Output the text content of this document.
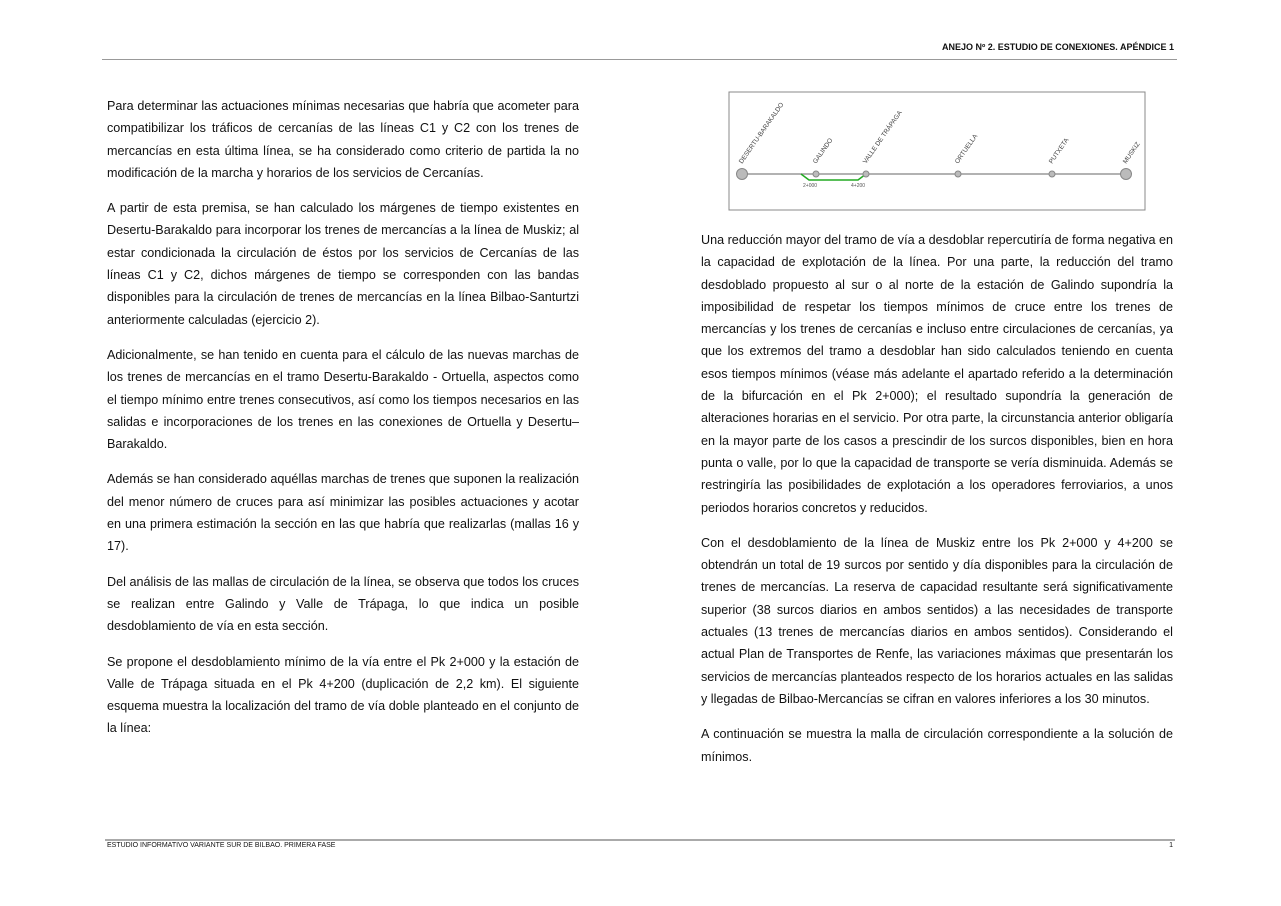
ANEJO Nº 2. ESTUDIO DE CONEXIONES. APÉNDICE 1

Para determinar las actuaciones mínimas necesarias que habría que acometer para compatibilizar los tráficos de cercanías de las líneas C1 y C2 con los trenes de mercancías en esta última línea, se ha considerado como criterio de partida la no modificación de la marcha y horarios de los servicios de Cercanías.

A partir de esta premisa, se han calculado los márgenes de tiempo existentes en Desertu-Barakaldo para incorporar los trenes de mercancías a la línea de Muskiz; al estar condicionada la circulación de éstos por los servicios de Cercanías de las líneas C1 y C2, dichos márgenes de tiempo se corresponden con las bandas disponibles para la circulación de trenes de mercancías en la línea Bilbao-Santurtzi anteriormente calculadas (ejercicio 2).

Adicionalmente, se han tenido en cuenta para el cálculo de las nuevas marchas de los trenes de mercancías en el tramo Desertu-Barakaldo - Ortuella, aspectos como el tiempo mínimo entre trenes consecutivos, así como los tiempos necesarios en las salidas e incorporaciones de los trenes en las conexiones de Ortuella y Desertu–Barakaldo.

Además se han considerado aquéllas marchas de trenes que suponen la realización del menor número de cruces para así minimizar las posibles actuaciones y acotar en una primera estimación la sección en las que habría que realizarlas (mallas 16 y 17).

Del análisis de las mallas de circulación de la línea, se observa que todos los cruces se realizan entre Galindo y Valle de Trápaga, lo que indica un posible desdoblamiento de vía en esta sección.

Se propone el desdoblamiento mínimo de la vía entre el Pk 2+000 y la estación de Valle de Trápaga situada en el Pk 4+200 (duplicación de 2,2 km). El siguiente esquema muestra la localización del tramo de vía doble planteado en el conjunto de la línea:

Una reducción mayor del tramo de vía a desdoblar repercutiría de forma negativa en la capacidad de explotación de la línea. Por una parte, la reducción del tramo desdoblado propuesto al sur o al norte de la estación de Galindo supondría la imposibilidad de respetar los tiempos mínimos de cruce entre los trenes de mercancías y los trenes de cercanías e incluso entre circulaciones de cercanías, ya que los extremos del tramo a desdoblar han sido calculados teniendo en cuenta esos tiempos mínimos (véase más adelante el apartado referido a la determinación de la bifurcación en el Pk 2+000); el resultado supondría la generación de alteraciones horarias en el servicio. Por otra parte, la circunstancia anterior obligaría en la mayor parte de los casos a prescindir de los surcos disponibles, bien en hora punta o valle, por lo que la capacidad de transporte se vería disminuida. Además se restringiría las posibilidades de explotación a los operadores ferroviarios, a unos periodos horarios concretos y reducidos.

Con el desdoblamiento de la línea de Muskiz entre los Pk 2+000 y 4+200 se obtendrán un total de 19 surcos por sentido y día disponibles para la circulación de trenes de mercancías. La reserva de capacidad resultante será significativamente superior (38 surcos diarios en ambos sentidos) a las necesidades de transporte actuales (13 trenes de mercancías diarios en ambos sentidos). Considerando el actual Plan de Transportes de Renfe, las variaciones máximas que presentarán los servicios de mercancías planteados respecto de los horarios actuales en las salidas y llegadas de Bilbao-Mercancías se cifran en valores inferiores a los 30 minutos.

A continuación se muestra la malla de circulación correspondiente a la solución de mínimos.

2+000	4+200
DESERTU-BARAKALDO	GALINDO	VALLE DE TRÁPAGA	ORTUELLA	PUTXETA	MUSKIZ
ESTUDIO INFORMATIVO VARIANTE SUR DE BILBAO. PRIMERA FASE	1
